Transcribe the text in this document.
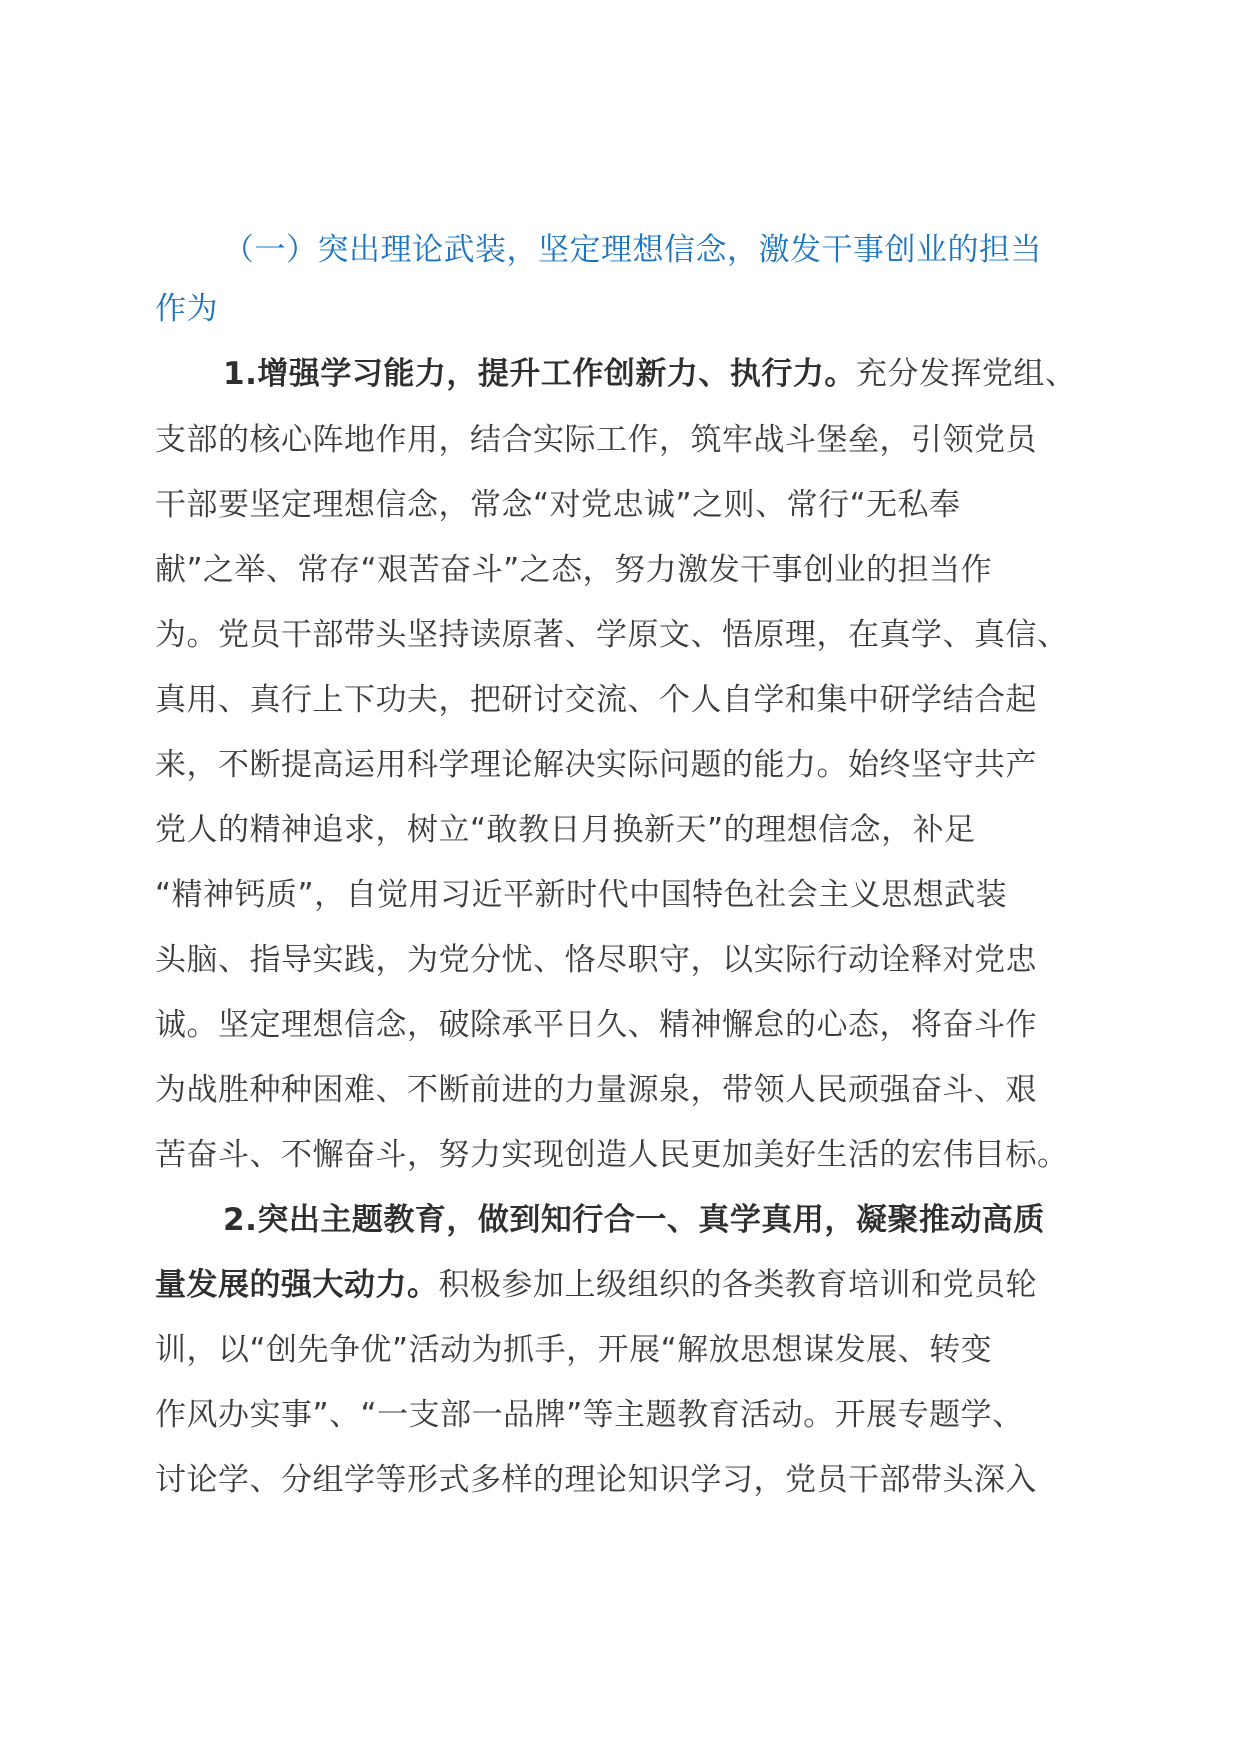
（一）突出理论武装，坚定理想信念，激发干事创业的担当
作为
1.增强学习能力，提升工作创新力、执行力。充分发挥党组、
支部的核心阵地作用，结合实际工作，筑牢战斗堡垒，引领党员
干部要坚定理想信念，常念“对党忠诚”之则、常行“无私奉
献”之举、常存“艰苦奋斗”之态，努力激发干事创业的担当作
为。党员干部带头坚持读原著、学原文、悟原理，在真学、真信、
真用、真行上下功夫，把研讨交流、个人自学和集中研学结合起
来，不断提高运用科学理论解决实际问题的能力。始终坚守共产
党人的精神追求，树立“敢教日月换新天”的理想信念，补足
“精神钙质”，自觉用习近平新时代中国特色社会主义思想武装
头脑、指导实践，为党分忧、恪尽职守，以实际行动诠释对党忠
诚。坚定理想信念，破除承平日久、精神懈怠的心态，将奋斗作
为战胜种种困难、不断前进的力量源泉，带领人民顽强奋斗、艰
苦奋斗、不懈奋斗，努力实现创造人民更加美好生活的宏伟目标。
2.突出主题教育，做到知行合一、真学真用，凝聚推动高质
量发展的强大动力。积极参加上级组织的各类教育培训和党员轮
训，以“创先争优”活动为抓手，开展“解放思想谋发展、转变
作风办实事”、“一支部一品牌”等主题教育活动。开展专题学、
讨论学、分组学等形式多样的理论知识学习，党员干部带头深入
